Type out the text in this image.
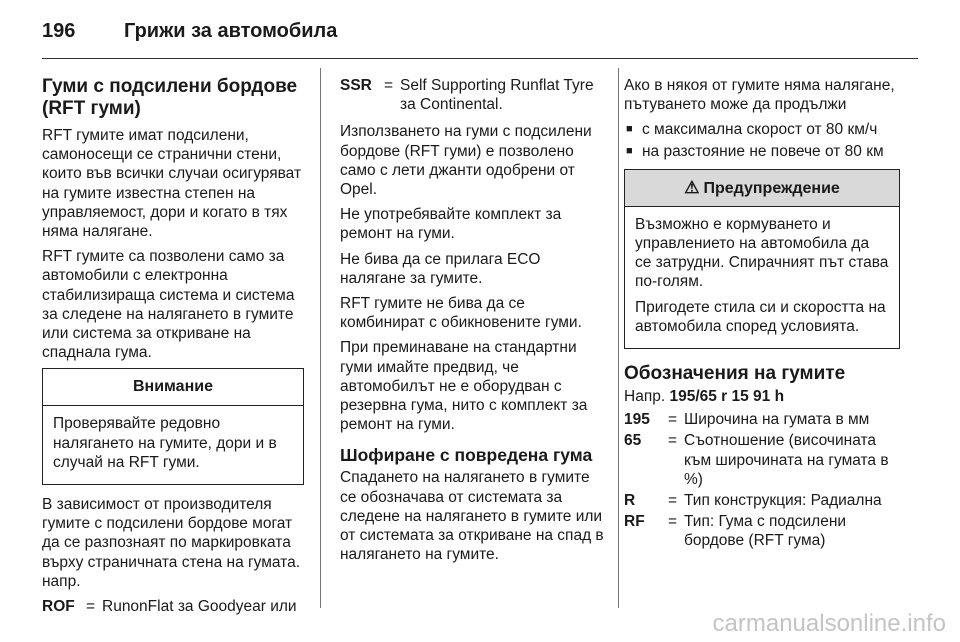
196 Грижи за автомобила
Гуми с подсилени бордове (RFT гуми)

RFT гумите имат подсилени, самоносещи се странични стени, които във всички случаи осигуряват на гумите известна степен на управляемост, дори и когато в тях няма налягане.

RFT гумите са позволени само за автомобили с електронна стабилизираща система и система за следене на налягането в гумите или система за откриване на спаднала гума.

Внимание

Проверявайте редовно налягането на гумите, дори и в случай на RFT гуми.

В зависимост от производителя гумите с подсилени бордове могат да се разпознаят по маркировката върху страничната стена на гумата. напр.

ROF = RunonFlat за Goodyear или
SSR = Self Supporting Runflat Tyre за Continental.

Използването на гуми с подсилени бордове (RFT гуми) е позволено само с лети джанти одобрени от Opel.

Не употребявайте комплект за ремонт на гуми.

Не бива да се прилага ECO налягане за гумите.

RFT гумите не бива да се комбинират с обикновените гуми.

При преминаване на стандартни гуми имайте предвид, че автомобилът не е оборудван с резервна гума, нито с комплект за ремонт на гуми.

Шофиране с повредена гума

Спадането на налягането в гумите се обозначава от системата за следене на налягането в гумите или от системата за откриване на спад в налягането на гумите.

Ако в някоя от гумите няма налягане, пътуването може да продължи

■ с максимална скорост от 80 км/ч
■ на разстояние не повече от 80 км
⚠ Предупреждение

Възможно е кормуването и управлението на автомобила да се затрудни. Спирачният път става по-голям.

Пригодете стила си и скоростта на автомобила според условията.

Обозначения на гумите

Напр. 195/65 r 15 91 h

195	= Широчина на гумата в мм
65	= Съотношение (височината към широчината на гумата в %)
R	= Тип конструкция: Радиална
RF	= Тип: Гума с подсилени бордове (RFT гума)
carmanualsonline.info
